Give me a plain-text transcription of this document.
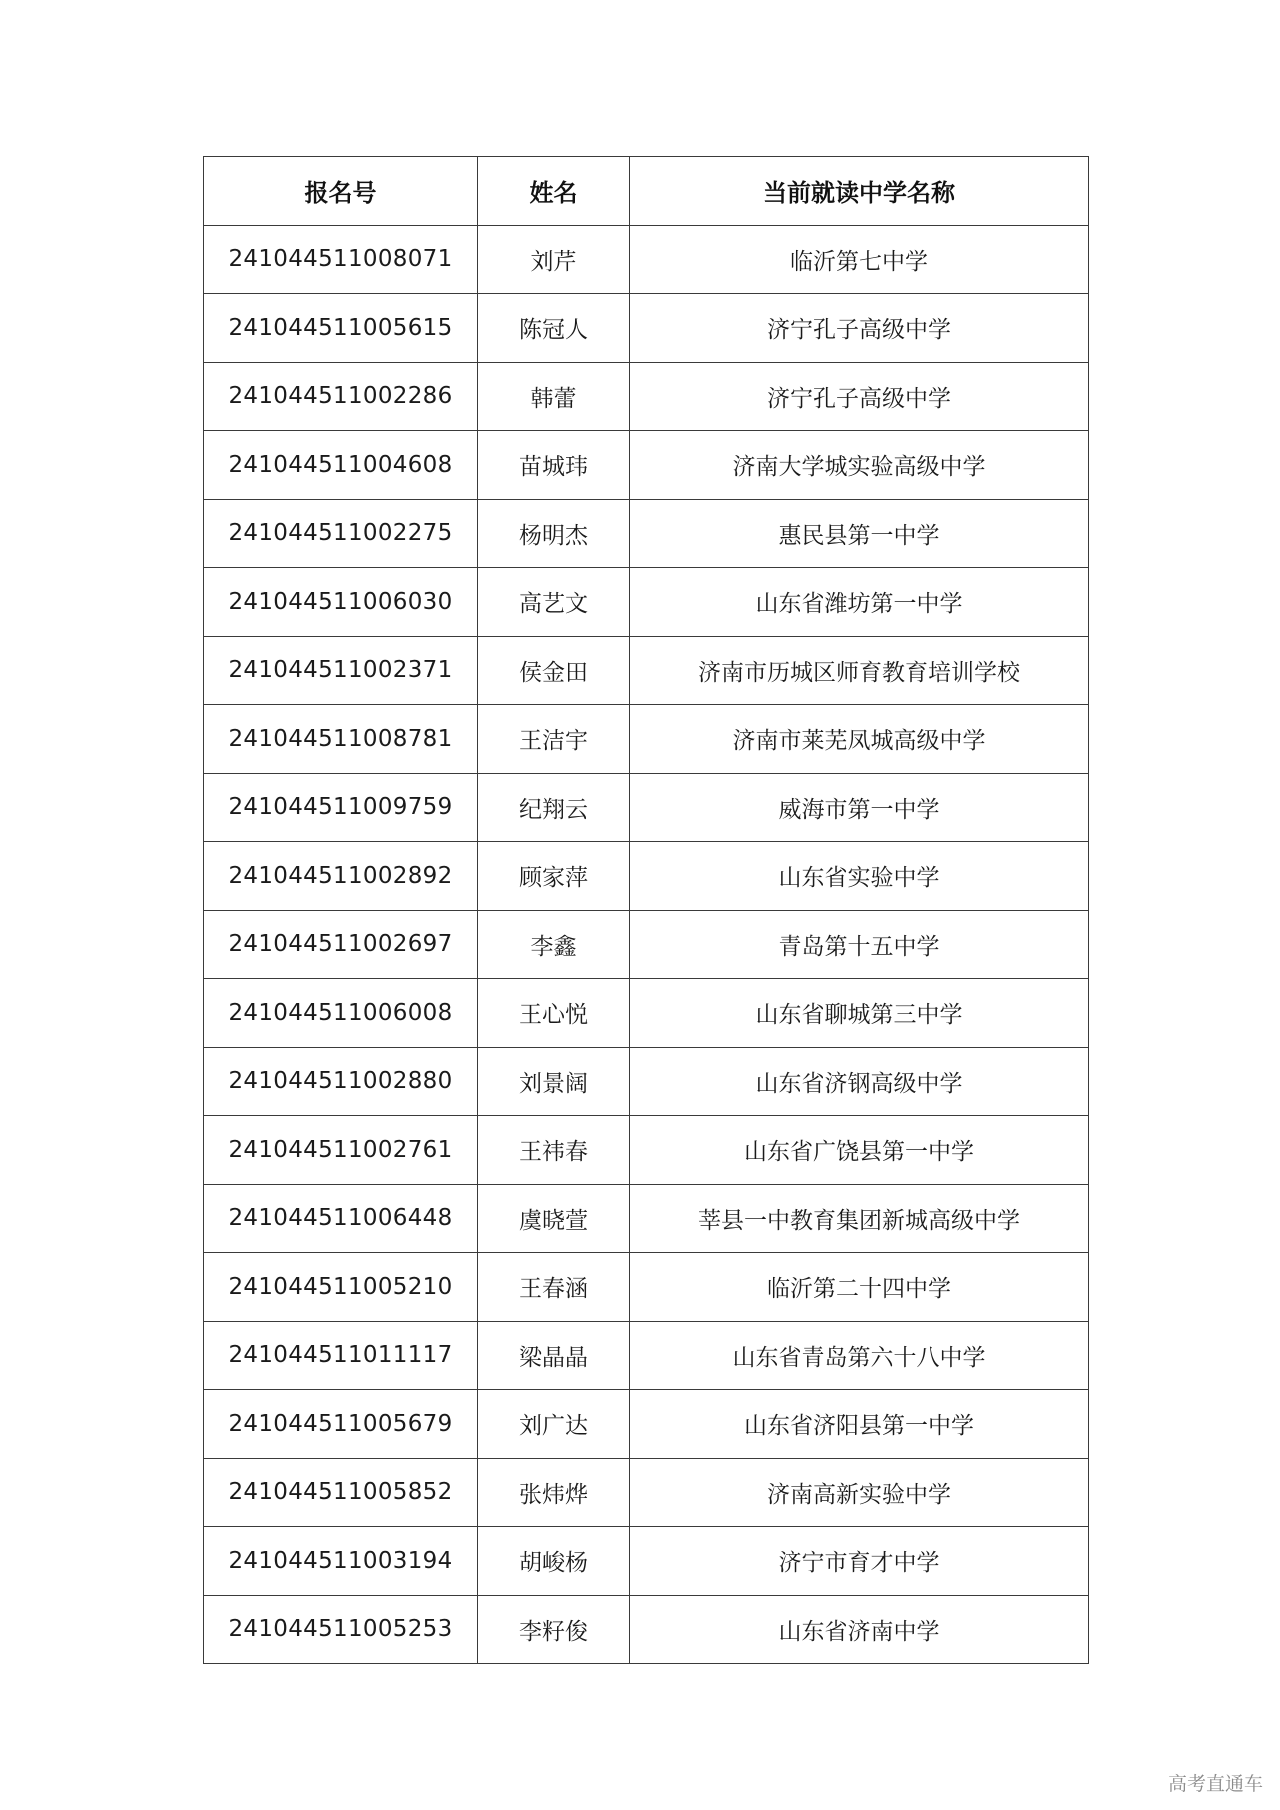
报名号	姓名	当前就读中学名称
241044511008071	刘芹	临沂第七中学
241044511005615	陈冠人	济宁孔子高级中学
241044511002286	韩蕾	济宁孔子高级中学
241044511004608	苗城玮	济南大学城实验高级中学
241044511002275	杨明杰	惠民县第一中学
241044511006030	高艺文	山东省潍坊第一中学
241044511002371	侯金田	济南市历城区师育教育培训学校
241044511008781	王洁宇	济南市莱芜凤城高级中学
241044511009759	纪翔云	威海市第一中学
241044511002892	顾家萍	山东省实验中学
241044511002697	李鑫	青岛第十五中学
241044511006008	王心悦	山东省聊城第三中学
241044511002880	刘景阔	山东省济钢高级中学
241044511002761	王祎春	山东省广饶县第一中学
241044511006448	虞晓萱	莘县一中教育集团新城高级中学
241044511005210	王春涵	临沂第二十四中学
241044511011117	梁晶晶	山东省青岛第六十八中学
241044511005679	刘广达	山东省济阳县第一中学
241044511005852	张炜烨	济南高新实验中学
241044511003194	胡峻杨	济宁市育才中学
241044511005253	李籽俊	山东省济南中学
高考直通车
